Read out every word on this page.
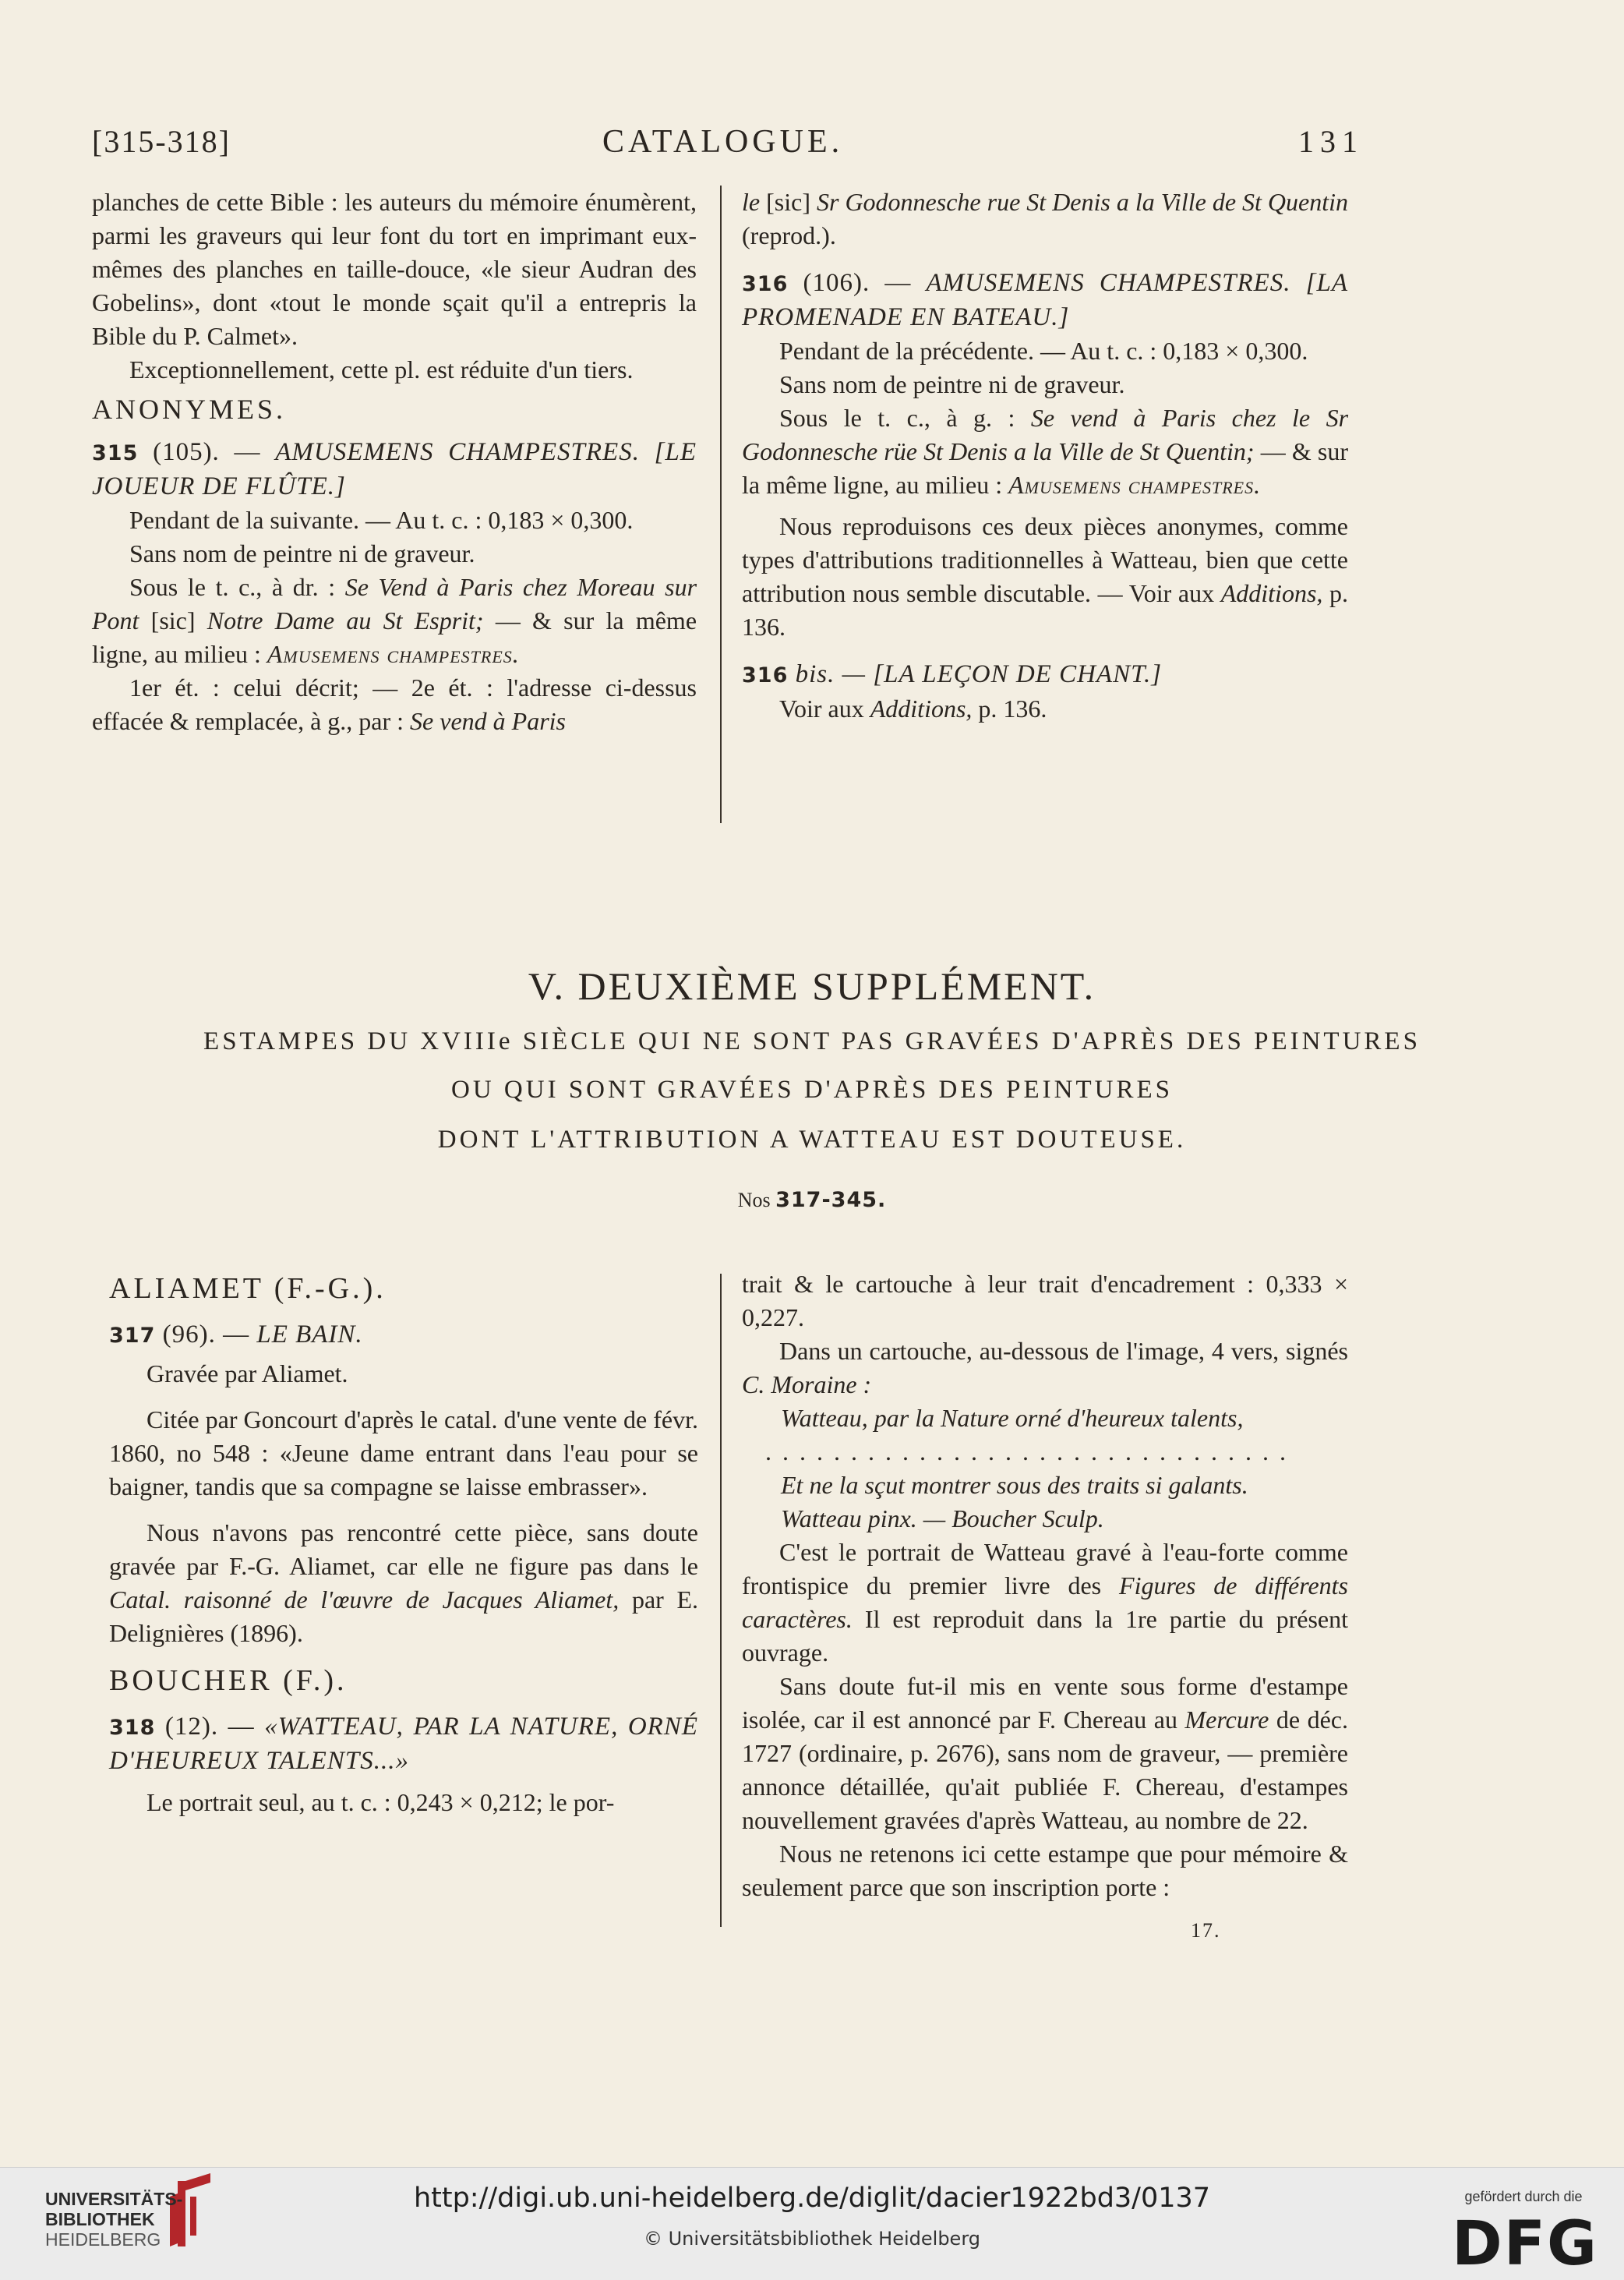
[315-318]	CATALOGUE.	131

planches de cette Bible : les auteurs du mémoire énumèrent, parmi les graveurs qui leur font du tort en imprimant eux-mêmes des planches en taille-douce, «le sieur Audran des Gobelins», dont «tout le monde sçait qu'il a entrepris la Bible du P. Calmet».

Exceptionnellement, cette pl. est réduite d'un tiers.

ANONYMES.

315 (105). — AMUSEMENS CHAMPESTRES. [LE JOUEUR DE FLÛTE.]

Pendant de la suivante. — Au t. c. : 0,183 × 0,300.

Sans nom de peintre ni de graveur.

Sous le t. c., à dr. : Se Vend à Paris chez Moreau sur Pont [sic] Notre Dame au St Esprit; — & sur la même ligne, au milieu : Amusemens champestres.

1er ét. : celui décrit; — 2e ét. : l'adresse ci-dessus effacée & remplacée, à g., par : Se vend à Paris

le [sic] Sr Godonnesche rue St Denis a la Ville de St Quentin (reprod.).

316 (106). — AMUSEMENS CHAMPESTRES. [LA PROMENADE EN BATEAU.]

Pendant de la précédente. — Au t. c. : 0,183 × 0,300.

Sans nom de peintre ni de graveur.

Sous le t. c., à g. : Se vend à Paris chez le Sr Godonnesche rüe St Denis a la Ville de St Quentin; — & sur la même ligne, au milieu : Amusemens champestres.

Nous reproduisons ces deux pièces anonymes, comme types d'attributions traditionnelles à Watteau, bien que cette attribution nous semble discutable. — Voir aux Additions, p. 136.

316 bis. — [LA LEÇON DE CHANT.]

Voir aux Additions, p. 136.

V. DEUXIÈME SUPPLÉMENT.
ESTAMPES DU XVIIIe SIÈCLE QUI NE SONT PAS GRAVÉES D'APRÈS DES PEINTURES
OU QUI SONT GRAVÉES D'APRÈS DES PEINTURES
DONT L'ATTRIBUTION A WATTEAU EST DOUTEUSE.
Nos 317-345.

ALIAMET (F.-G.).

317 (96). — LE BAIN.

Gravée par Aliamet.

Citée par Goncourt d'après le catal. d'une vente de févr. 1860, no 548 : «Jeune dame entrant dans l'eau pour se baigner, tandis que sa compagne se laisse embrasser».

Nous n'avons pas rencontré cette pièce, sans doute gravée par F.-G. Aliamet, car elle ne figure pas dans le Catal. raisonné de l'œuvre de Jacques Aliamet, par E. Delignières (1896).

BOUCHER (F.).

318 (12). — «WATTEAU, PAR LA NATURE, ORNÉ D'HEUREUX TALENTS...»

Le portrait seul, au t. c. : 0,243 × 0,212; le por-

trait & le cartouche à leur trait d'encadrement : 0,333 × 0,227.

Dans un cartouche, au-dessous de l'image, 4 vers, signés C. Moraine :

Watteau, par la Nature orné d'heureux talents,

...............................

Et ne la sçut montrer sous des traits si galants.

Watteau pinx. — Boucher Sculp.

C'est le portrait de Watteau gravé à l'eau-forte comme frontispice du premier livre des Figures de différents caractères. Il est reproduit dans la 1re partie du présent ouvrage.

Sans doute fut-il mis en vente sous forme d'estampe isolée, car il est annoncé par F. Chereau au Mercure de déc. 1727 (ordinaire, p. 2676), sans nom de graveur, — première annonce détaillée, qu'ait publiée F. Chereau, d'estampes nouvellement gravées d'après Watteau, au nombre de 22.

Nous ne retenons ici cette estampe que pour mémoire & seulement parce que son inscription porte :

17.
UNIVERSITÄTS-
BIBLIOTHEK
HEIDELBERG
http://digi.ub.uni-heidelberg.de/diglit/dacier1922bd3/0137
© Universitätsbibliothek Heidelberg
gefördert durch die
DFG
